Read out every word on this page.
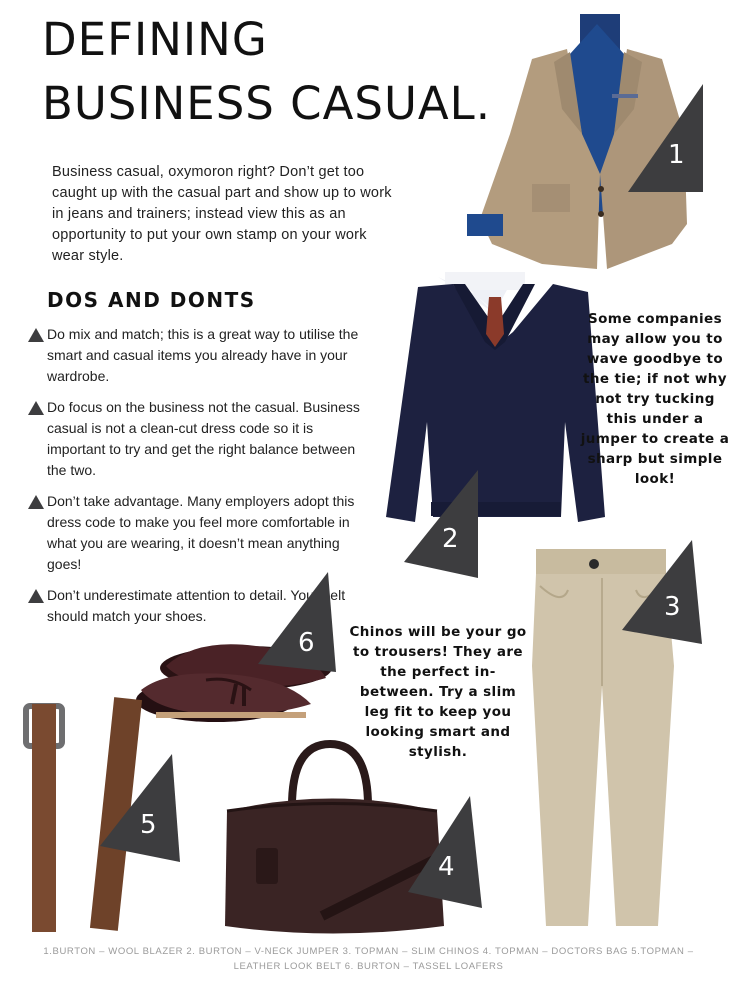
DEFINING
BUSINESS CASUAL.

Business casual, oxymoron right? Don’t get too caught up with the casual part and show up to work in jeans and trainers; instead view this as an opportunity to put your own stamp on your work wear style.

DOS AND DONTS
Do mix and match; this is a great way to utilise the smart and casual items you already have in your wardrobe.
Do focus on the business not the casual. Business casual is not a clean-cut dress code so it is important to try and get the right balance between the two.
Don’t take advantage. Many employers adopt this dress code to make you feel more comfortable in what you are wearing, it doesn’t mean anything goes!
Don’t underestimate attention to detail. Your belt should match your shoes.
1
2
3
6
5
4

Some companies may allow you to wave goodbye to the tie; if not why not try tucking this under a jumper to create a sharp but simple look!

Chinos will be your go to trousers! They are the perfect in-between. Try a slim leg fit to keep you looking smart and stylish.

1.BURTON – WOOL BLAZER 2. BURTON – V-NECK JUMPER 3. TOPMAN – SLIM CHINOS 4. TOPMAN – DOCTORS BAG 5.TOPMAN – LEATHER LOOK BELT 6. BURTON – TASSEL LOAFERS
